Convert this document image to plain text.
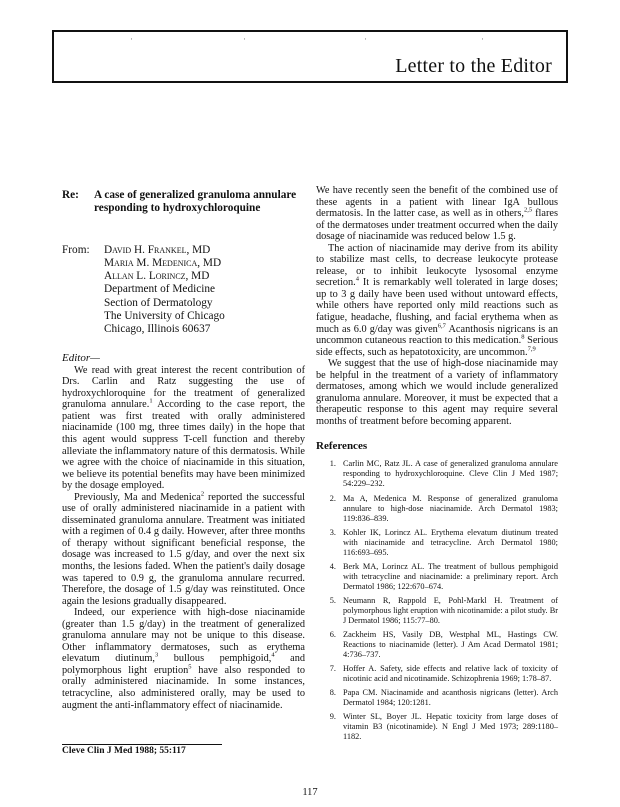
·	·	·	·
Letter to the Editor
Re:	A case of generalized granuloma annulare responding to hydroxychloroquine
From:	David H. Frankel, MD
Maria M. Medenica, MD
Allan L. Lorincz, MD
Department of Medicine
Section of Dermatology
The University of Chicago
Chicago, Illinois 60637
Editor—

We read with great interest the recent contribution of Drs. Carlin and Ratz suggesting the use of hydroxychloroquine for the treatment of generalized granuloma annulare.$^1$ According to the case report, the patient was first treated with orally administered niacinamide (100 mg, three times daily) in the hope that this agent would suppress T-cell function and thereby alleviate the inflammatory nature of this dermatosis. While we agree with the choice of niacinamide in this situation, we believe its potential benefits may have been minimized by the dosage employed.

Previously, Ma and Medenica$^2$ reported the successful use of orally administered niacinamide in a patient with disseminated granuloma annulare. Treatment was initiated with a regimen of 0.4 g daily. However, after three months of therapy without significant beneficial response, the dosage was increased to 1.5 g/day, and over the next six months, the lesions faded. When the patient's daily dosage was tapered to 0.9 g, the granuloma annulare recurred. Therefore, the dosage of 1.5 g/day was reinstituted. Once again the lesions gradually disappeared.

Indeed, our experience with high-dose niacinamide (greater than 1.5 g/day) in the treatment of generalized granuloma annulare may not be unique to this disease. Other inflammatory dermatoses, such as erythema elevatum diutinum,$^3$ bullous pemphigoid,$^4$ and polymorphous light eruption$^5$ have also responded to orally administered niacinamide. In some instances, tetracycline, also administered orally, may be used to augment the anti-inflammatory effect of niacinamide.

We have recently seen the benefit of the combined use of these agents in a patient with linear IgA bullous dermatosis. In the latter case, as well as in others,$^{2,5}$ flares of the dermatoses under treatment occurred when the daily dosage of niacinamide was reduced below 1.5 g.

The action of niacinamide may derive from its ability to stabilize mast cells, to decrease leukocyte protease release, or to inhibit leukocyte lysosomal enzyme secretion.$^4$ It is remarkably well tolerated in large doses; up to 3 g daily have been used without untoward effects, while others have reported only mild reactions such as fatigue, headache, flushing, and facial erythema when as much as 6.0 g/day was given$^{6,7}$ Acanthosis nigricans is an uncommon cutaneous reaction to this medication.$^8$ Serious side effects, such as hepatotoxicity, are uncommon.$^{7,9}$

We suggest that the use of high-dose niacinamide may be helpful in the treatment of a variety of inflammatory dermatoses, among which we would include generalized granuloma annulare. Moreover, it must be expected that a therapeutic response to this agent may require several months of treatment before becoming apparent.

References
1. Carlin MC, Ratz JL. A case of generalized granuloma annulare responding to hydroxychloroquine. Cleve Clin J Med 1987; 54:229–232.
2. Ma A, Medenica M. Response of generalized granuloma annulare to high-dose niacinamide. Arch Dermatol 1983; 119:836–839.
3. Kohler IK, Lorincz AL. Erythema elevatum diutinum treated with niacinamide and tetracycline. Arch Dermatol 1980; 116:693–695.
4. Berk MA, Lorincz AL. The treatment of bullous pemphigoid with tetracycline and niacinamide: a preliminary report. Arch Dermatol 1986; 122:670–674.
5. Neumann R, Rappold E, Pohl-Markl H. Treatment of polymorphous light eruption with nicotinamide: a pilot study. Br J Dermatol 1986; 115:77–80.
6. Zackheim HS, Vasily DB, Westphal ML, Hastings CW. Reactions to niacinamide (letter). J Am Acad Dermatol 1981; 4:736–737.
7. Hoffer A. Safety, side effects and relative lack of toxicity of nicotinic acid and nicotinamide. Schizophrenia 1969; 1:78–87.
8. Papa CM. Niacinamide and acanthosis nigricans (letter). Arch Dermatol 1984; 120:1281.
9. Winter SL, Boyer JL. Hepatic toxicity from large doses of vitamin B3 (nicotinamide). N Engl J Med 1973; 289:1180–1182.
Cleve Clin J Med 1988; 55:117
117
